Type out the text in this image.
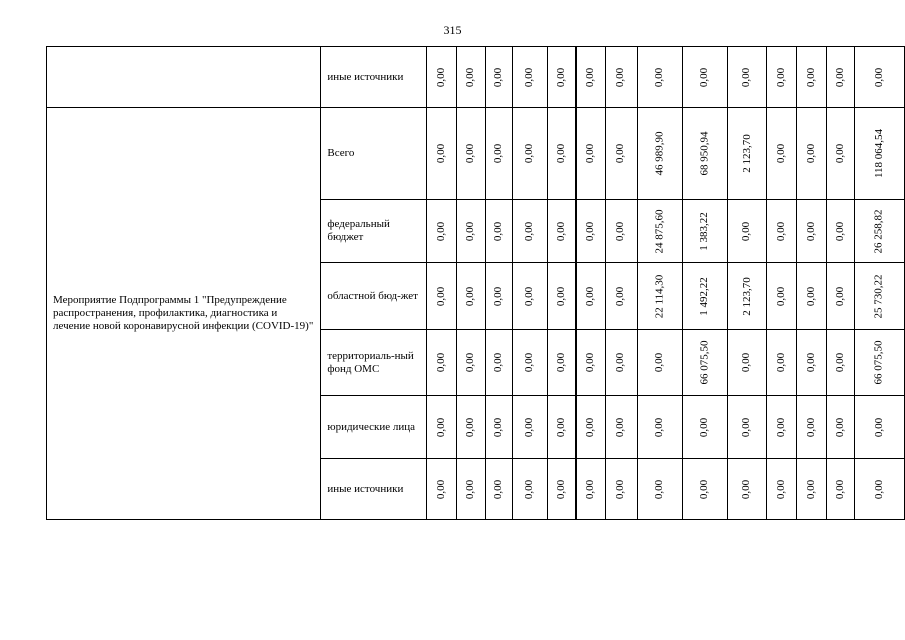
315
	иные источники	0,00	0,00	0,00	0,00	0,00	0,00	0,00	0,00	0,00	0,00	0,00	0,00	0,00	0,00
Мероприятие Подпрограммы 1 "Предупреждение распространения, профилактика, диагностика и лечение новой коронавирусной инфекции (COVID-19)"	Всего	0,00	0,00	0,00	0,00	0,00	0,00	0,00	46 989,90	68 950,94	2 123,70	0,00	0,00	0,00	118 064,54
	федеральный бюджет	0,00	0,00	0,00	0,00	0,00	0,00	0,00	24 875,60	1 383,22	0,00	0,00	0,00	0,00	26 258,82
	областной бюд-жет	0,00	0,00	0,00	0,00	0,00	0,00	0,00	22 114,30	1 492,22	2 123,70	0,00	0,00	0,00	25 730,22
	территориаль-ный фонд ОМС	0,00	0,00	0,00	0,00	0,00	0,00	0,00	0,00	66 075,50	0,00	0,00	0,00	0,00	66 075,50
	юридические лица	0,00	0,00	0,00	0,00	0,00	0,00	0,00	0,00	0,00	0,00	0,00	0,00	0,00	0,00
	иные источники	0,00	0,00	0,00	0,00	0,00	0,00	0,00	0,00	0,00	0,00	0,00	0,00	0,00	0,00
